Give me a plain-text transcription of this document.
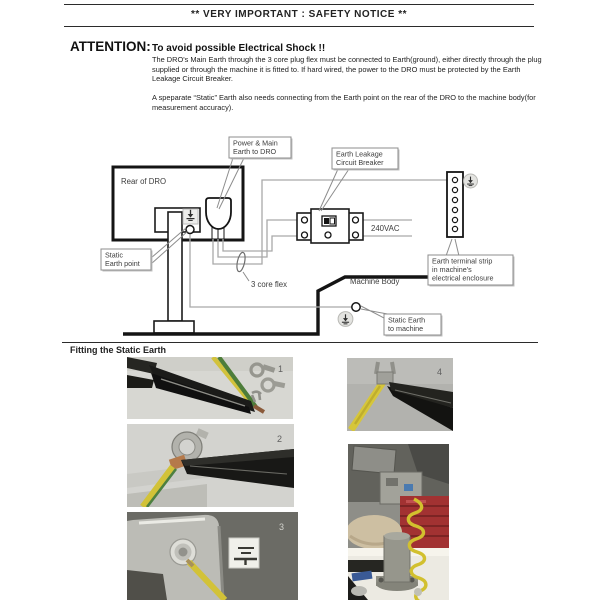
** VERY IMPORTANT : SAFETY NOTICE **
ATTENTION: To avoid possible Electrical Shock !!

The DRO's Main Earth through the 3 core plug flex must be connected to Earth(ground), either directly through the plug supplied or through the machine it is fitted to. If hard wired, the power to the DRO must be protected by the Earth Leakage Circuit Breaker.

A speparate “Static” Earth also needs connecting from the Earth point on the rear of the DRO to the machine body(for measurement accuracy).

Rear of DRO
Machine Body
240VAC
3 core flex
Power & Main
Earth to DRO	Earth Leakage
Circuit Breaker
Static
Earth point	Earth terminal strip
in machine's
electrical enclosure
Static Earth
to machine
Fitting the Static Earth
1
2
3
4
